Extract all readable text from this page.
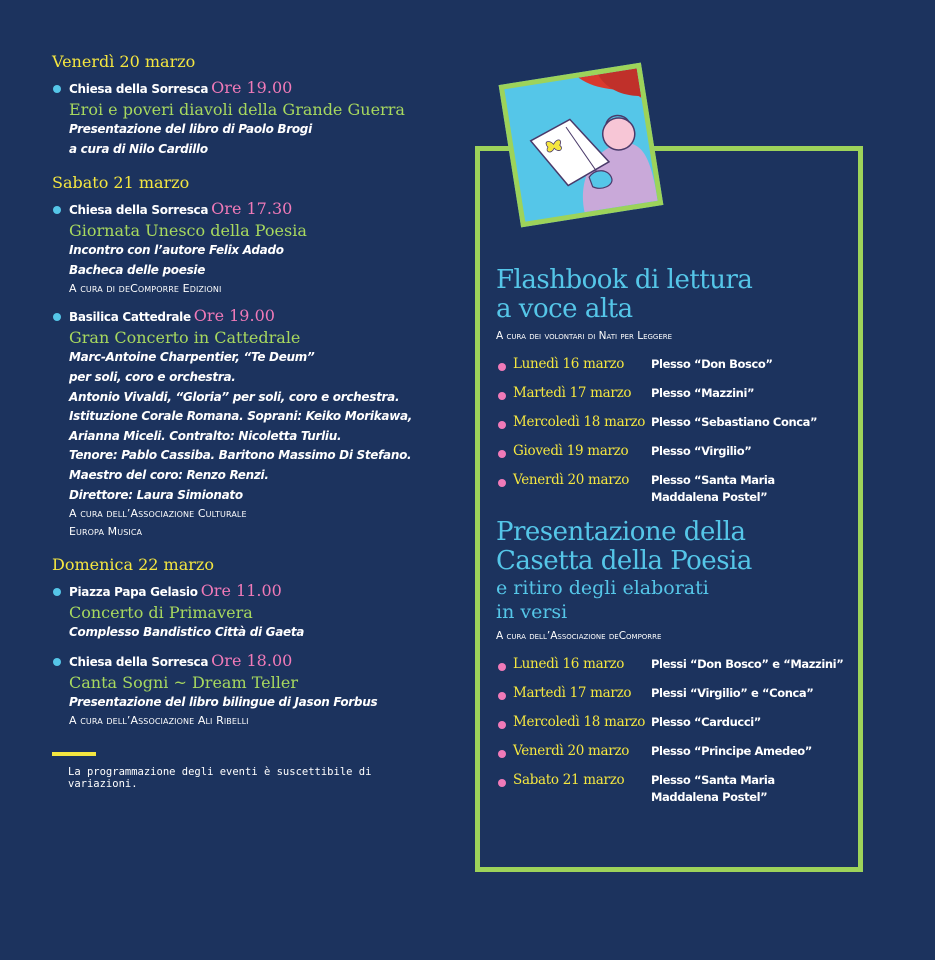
Venerdì 20 marzo
Chiesa della Sorresca Ore 19.00
Eroi e poveri diavoli della Grande Guerra
Presentazione del libro di Paolo Brogi
a cura di Nilo Cardillo
Sabato 21 marzo
Chiesa della Sorresca Ore 17.30
Giornata Unesco della Poesia
Incontro con l’autore Felix Adado
Bacheca delle poesie
A cura di deComporre Edizioni
Basilica Cattedrale Ore 19.00
Gran Concerto in Cattedrale
Marc-Antoine Charpentier, “Te Deum”
per soli, coro e orchestra.
Antonio Vivaldi, “Gloria” per soli, coro e orchestra.
Istituzione Corale Romana. Soprani: Keiko Morikawa,
Arianna Miceli. Contralto: Nicoletta Turliu.
Tenore: Pablo Cassiba. Baritono Massimo Di Stefano.
Maestro del coro: Renzo Renzi.
Direttore: Laura Simionato
A cura dell’Associazione Culturale
Europa Musica
Domenica 22 marzo
Piazza Papa Gelasio Ore 11.00
Concerto di Primavera
Complesso Bandistico Città di Gaeta
Chiesa della Sorresca Ore 18.00
Canta Sogni ~ Dream Teller
Presentazione del libro bilingue di Jason Forbus
A cura dell’Associazione Ali Ribelli
La programmazione degli eventi è suscettibile di variazioni.
Flashbook di lettura
a voce alta
A cura dei volontari di Nati per Leggere
Lunedì 16 marzo	Plesso “Don Bosco”
Martedì 17 marzo	Plesso “Mazzini”
Mercoledì 18 marzo Plesso “Sebastiano Conca”
Giovedì 19 marzo	Plesso “Virgilio”
Venerdì 20 marzo	Plesso “Santa Maria
Maddalena Postel”
Presentazione della
Casetta della Poesia
e ritiro degli elaborati
in versi
A cura dell’Associazione deComporre
Lunedì 16 marzo	Plessi “Don Bosco” e “Mazzini”
Martedì 17 marzo	Plessi “Virgilio” e “Conca”
Mercoledì 18 marzo Plesso “Carducci”
Venerdì 20 marzo	Plesso “Principe Amedeo”
Sabato 21 marzo	Plesso “Santa Maria
Maddalena Postel”
